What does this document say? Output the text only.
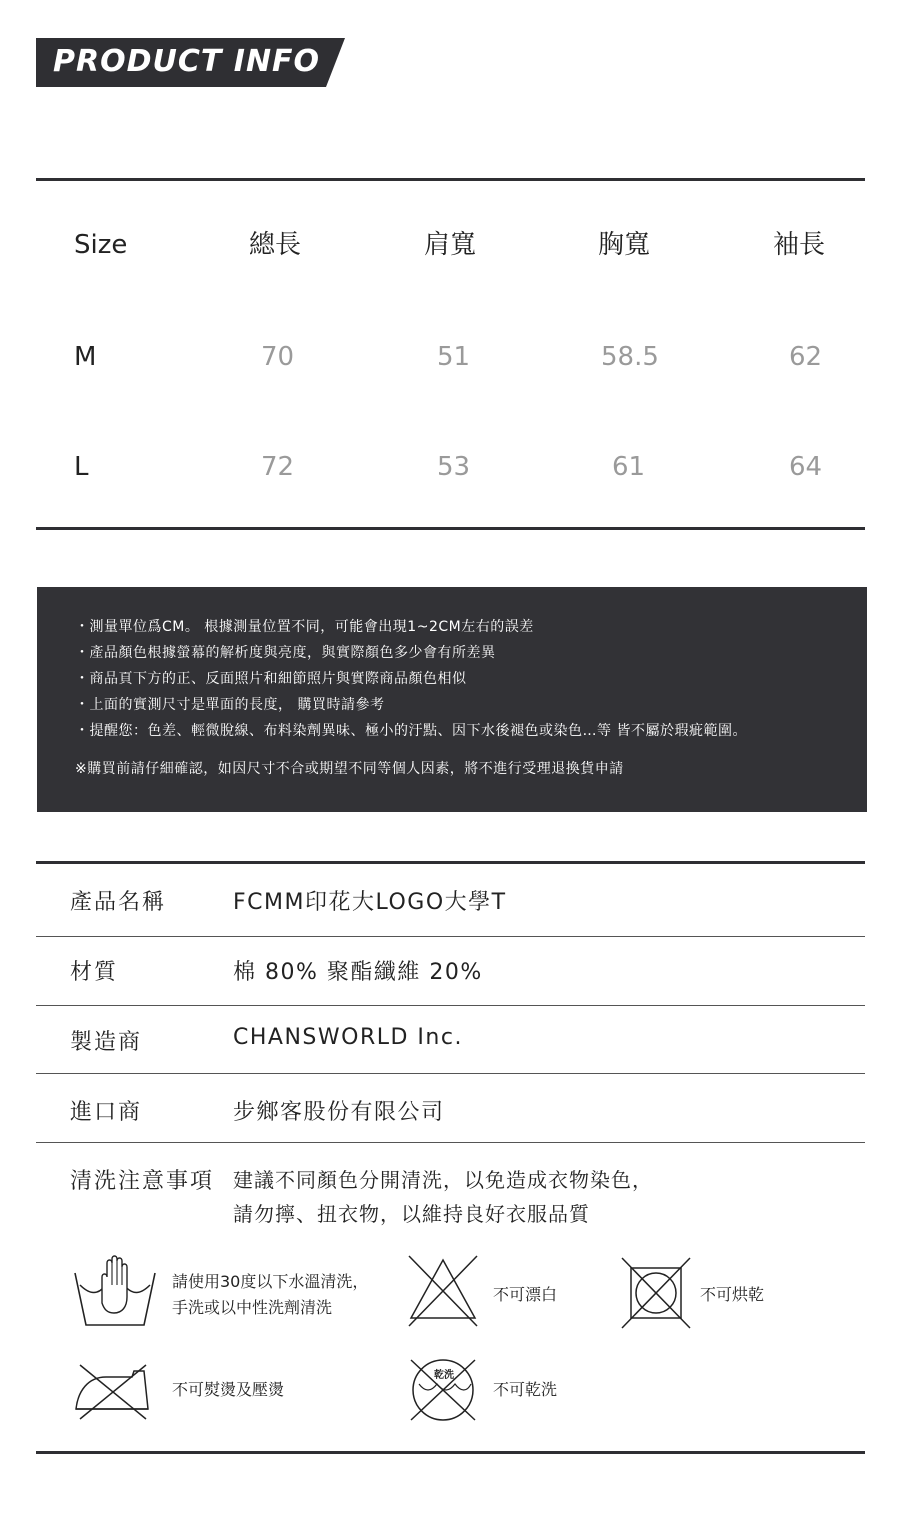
PRODUCT INFO
Size	總長	肩寬	胸寬	袖長
M	70	51	58.5	62
L	72	53	61	64
・測量單位爲CM。 根據測量位置不同，可能會出現1~2CM左右的誤差
・產品顏色根據螢幕的解析度與亮度，與實際顏色多少會有所差異
・商品頁下方的正、反面照片和細節照片與實際商品顏色相似
・上面的實測尺寸是單面的長度， 購買時請參考
・提醒您：色差、輕微脫線、布料染劑異味、極小的汙點、因下水後褪色或染色…等 皆不屬於瑕疵範圍。
※購買前請仔細確認，如因尺寸不合或期望不同等個人因素，將不進行受理退換貨申請
產品名稱	FCMM印花大LOGO大學T
材質	棉 80% 聚酯纖維 20%
製造商	CHANSWORLD Inc.
進口商	步鄉客股份有限公司
清洗注意事項 建議不同顏色分開清洗，以免造成衣物染色，
請勿擰、扭衣物，以維持良好衣服品質
請使用30度以下水溫清洗，
手洗或以中性洗劑清洗
不可漂白	不可烘乾
不可熨燙及壓燙
乾洗
不可乾洗
